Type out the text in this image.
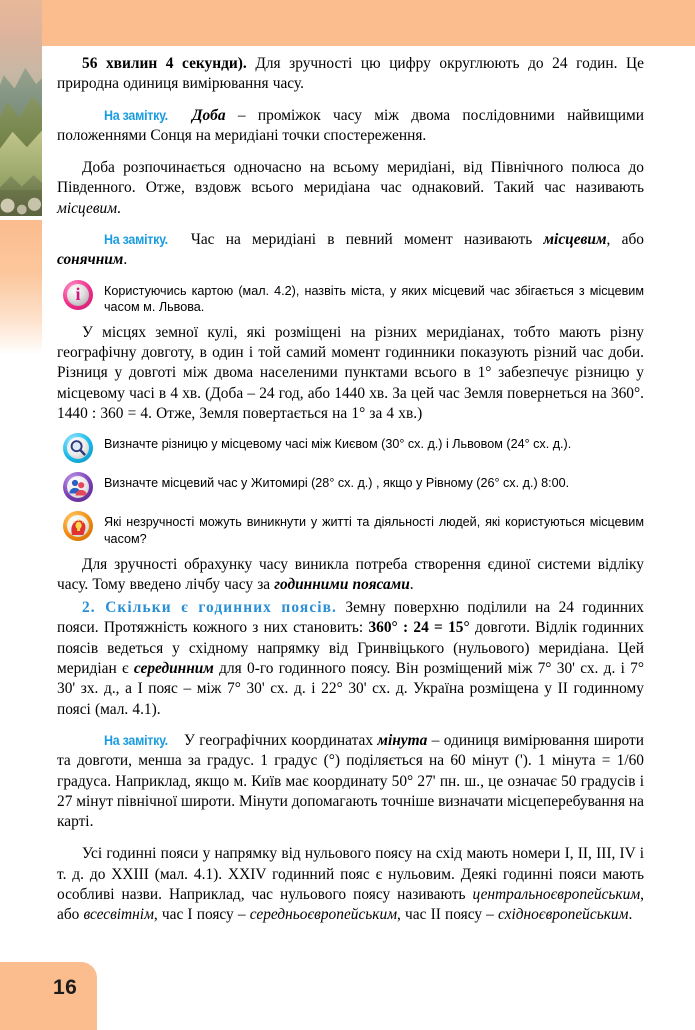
16

56 хвилин 4 секунди). Для зручності цю цифру округлюють до 24 годин. Це природна одиниця вимірювання часу.

На замітку. Доба – проміжок часу між двома послідовними найвищими положеннями Сонця на меридіані точки спостереження.

Доба розпочинається одночасно на всьому меридіані, від Північного полюса до Південного. Отже, вздовж всього меридіана час однаковий. Такий час називають місцевим.

На замітку. Час на меридіані в певний момент називають місцевим, або сонячним.

i Користуючись картою (мал. 4.2), назвіть міста, у яких місцевий час збігається з місцевим часом м. Львова.

У місцях земної кулі, які розміщені на різних меридіанах, тобто мають різну географічну довготу, в один і той самий момент годинники показують різний час доби. Різниця у довготі між двома населеними пунктами всього в 1° забезпечує різницю у місцевому часі в 4 хв. (Доба – 24 год, або 1440 хв. За цей час Земля повернеться на 360°. 1440 : 360 = 4. Отже, Земля повертається на 1° за 4 хв.)

Визначте різницю у місцевому часі між Києвом (30° сх. д.) і Львовом (24° сх. д.).
Визначте місцевий час у Житомирі (28° сх. д.) , якщо у Рівному (26° сх. д.) 8:00.
Які незручності можуть виникнути у житті та діяльності людей, які користуються місцевим часом?

Для зручності обрахунку часу виникла потреба створення єдиної системи відліку часу. Тому введено лічбу часу за годинними поясами.

2. Скільки є годинних поясів. Земну поверхню поділили на 24 годинних пояси. Протяжність кожного з них становить: 360° : 24 = 15° довготи. Відлік годинних поясів ведеться у східному напрямку від Гринвіцького (нульового) меридіана. Цей меридіан є серединним для 0-го годинного поясу. Він розміщений між 7° 30' сх. д. і 7° 30' зх. д., а I пояс – між 7° 30' сх. д. і 22° 30' сх. д. Україна розміщена у II годинному поясі (мал. 4.1).

На замітку. У географічних координатах мінута – одиниця вимірювання широти та довготи, менша за градус. 1 градус (°) поділяється на 60 мінут ('). 1 мінута = 1/60 градуса. Наприклад, якщо м. Київ має координату 50° 27' пн. ш., це означає 50 градусів і 27 мінут північної широти. Мінути допомагають точніше визначати місцеперебування на карті.

Усі годинні пояси у напрямку від нульового поясу на схід мають номери I, II, III, IV і т. д. до XXIII (мал. 4.1). XXIV годинний пояс є нульовим. Деякі годинні пояси мають особливі назви. Наприклад, час нульового поясу називають центральноєвропейським, або всесвітнім, час I поясу – середньоєвропейським, час II поясу – східноєвропейським.
